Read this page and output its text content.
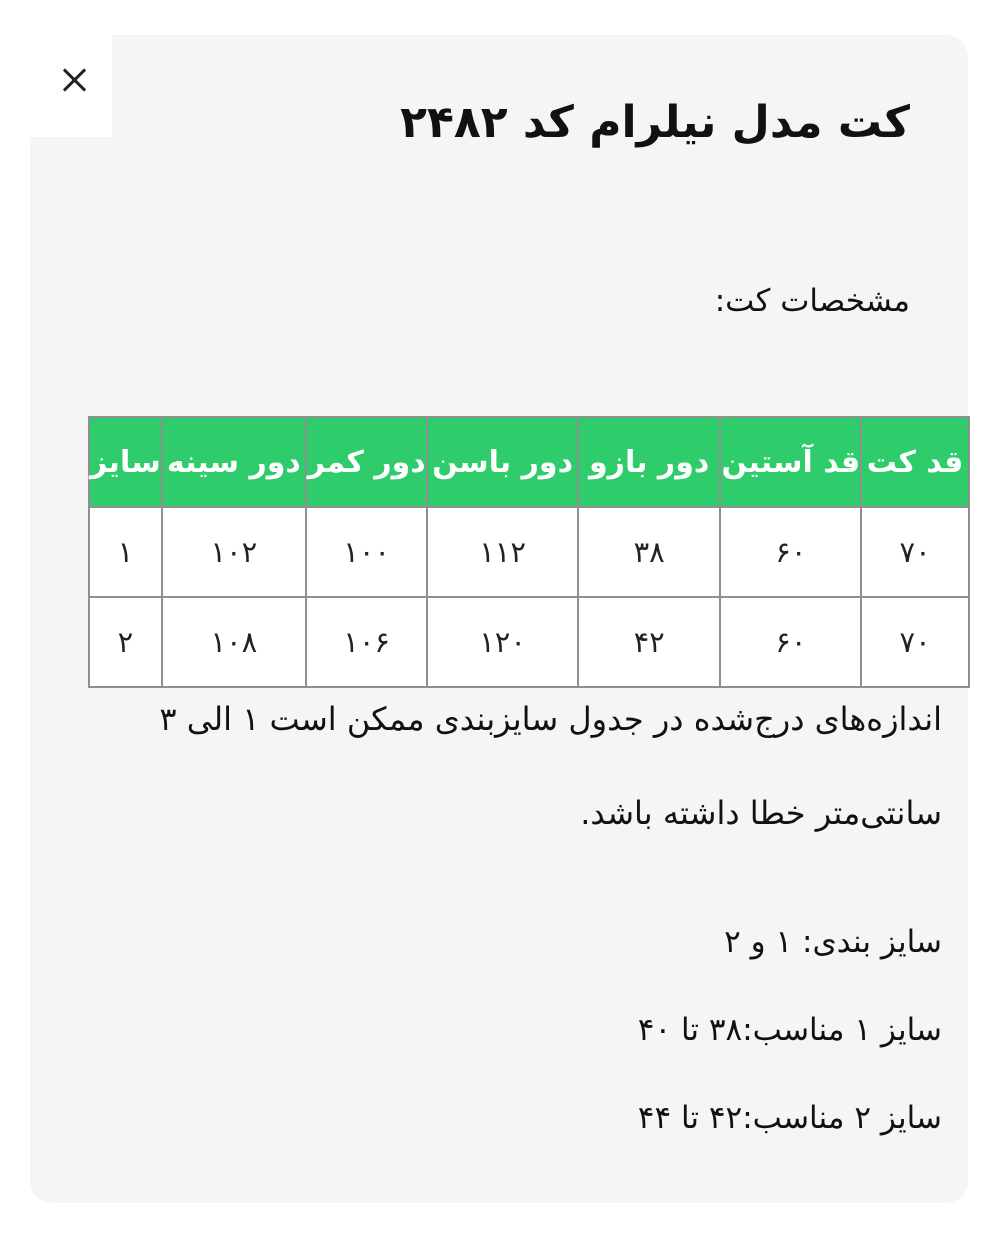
کت مدل نیلرام کد ۲۴۸۲
مشخصات کت:
قد کت	قد آستین	دور بازو	دور باسن	دور کمر	دور سینه	سایز
۷۰	۶۰	۳۸	۱۱۲	۱۰۰	۱۰۲	۱
۷۰	۶۰	۴۲	۱۲۰	۱۰۶	۱۰۸	۲
اندازه‌های درج‌شده در جدول سایزبندی ممکن است ۱ الی ۳ سانتی‌متر خطا داشته باشد.
سایز بندی: ۱ و ۲
سایز ۱ مناسب:۳۸ تا ۴۰
سایز ۲ مناسب:۴۲ تا ۴۴
